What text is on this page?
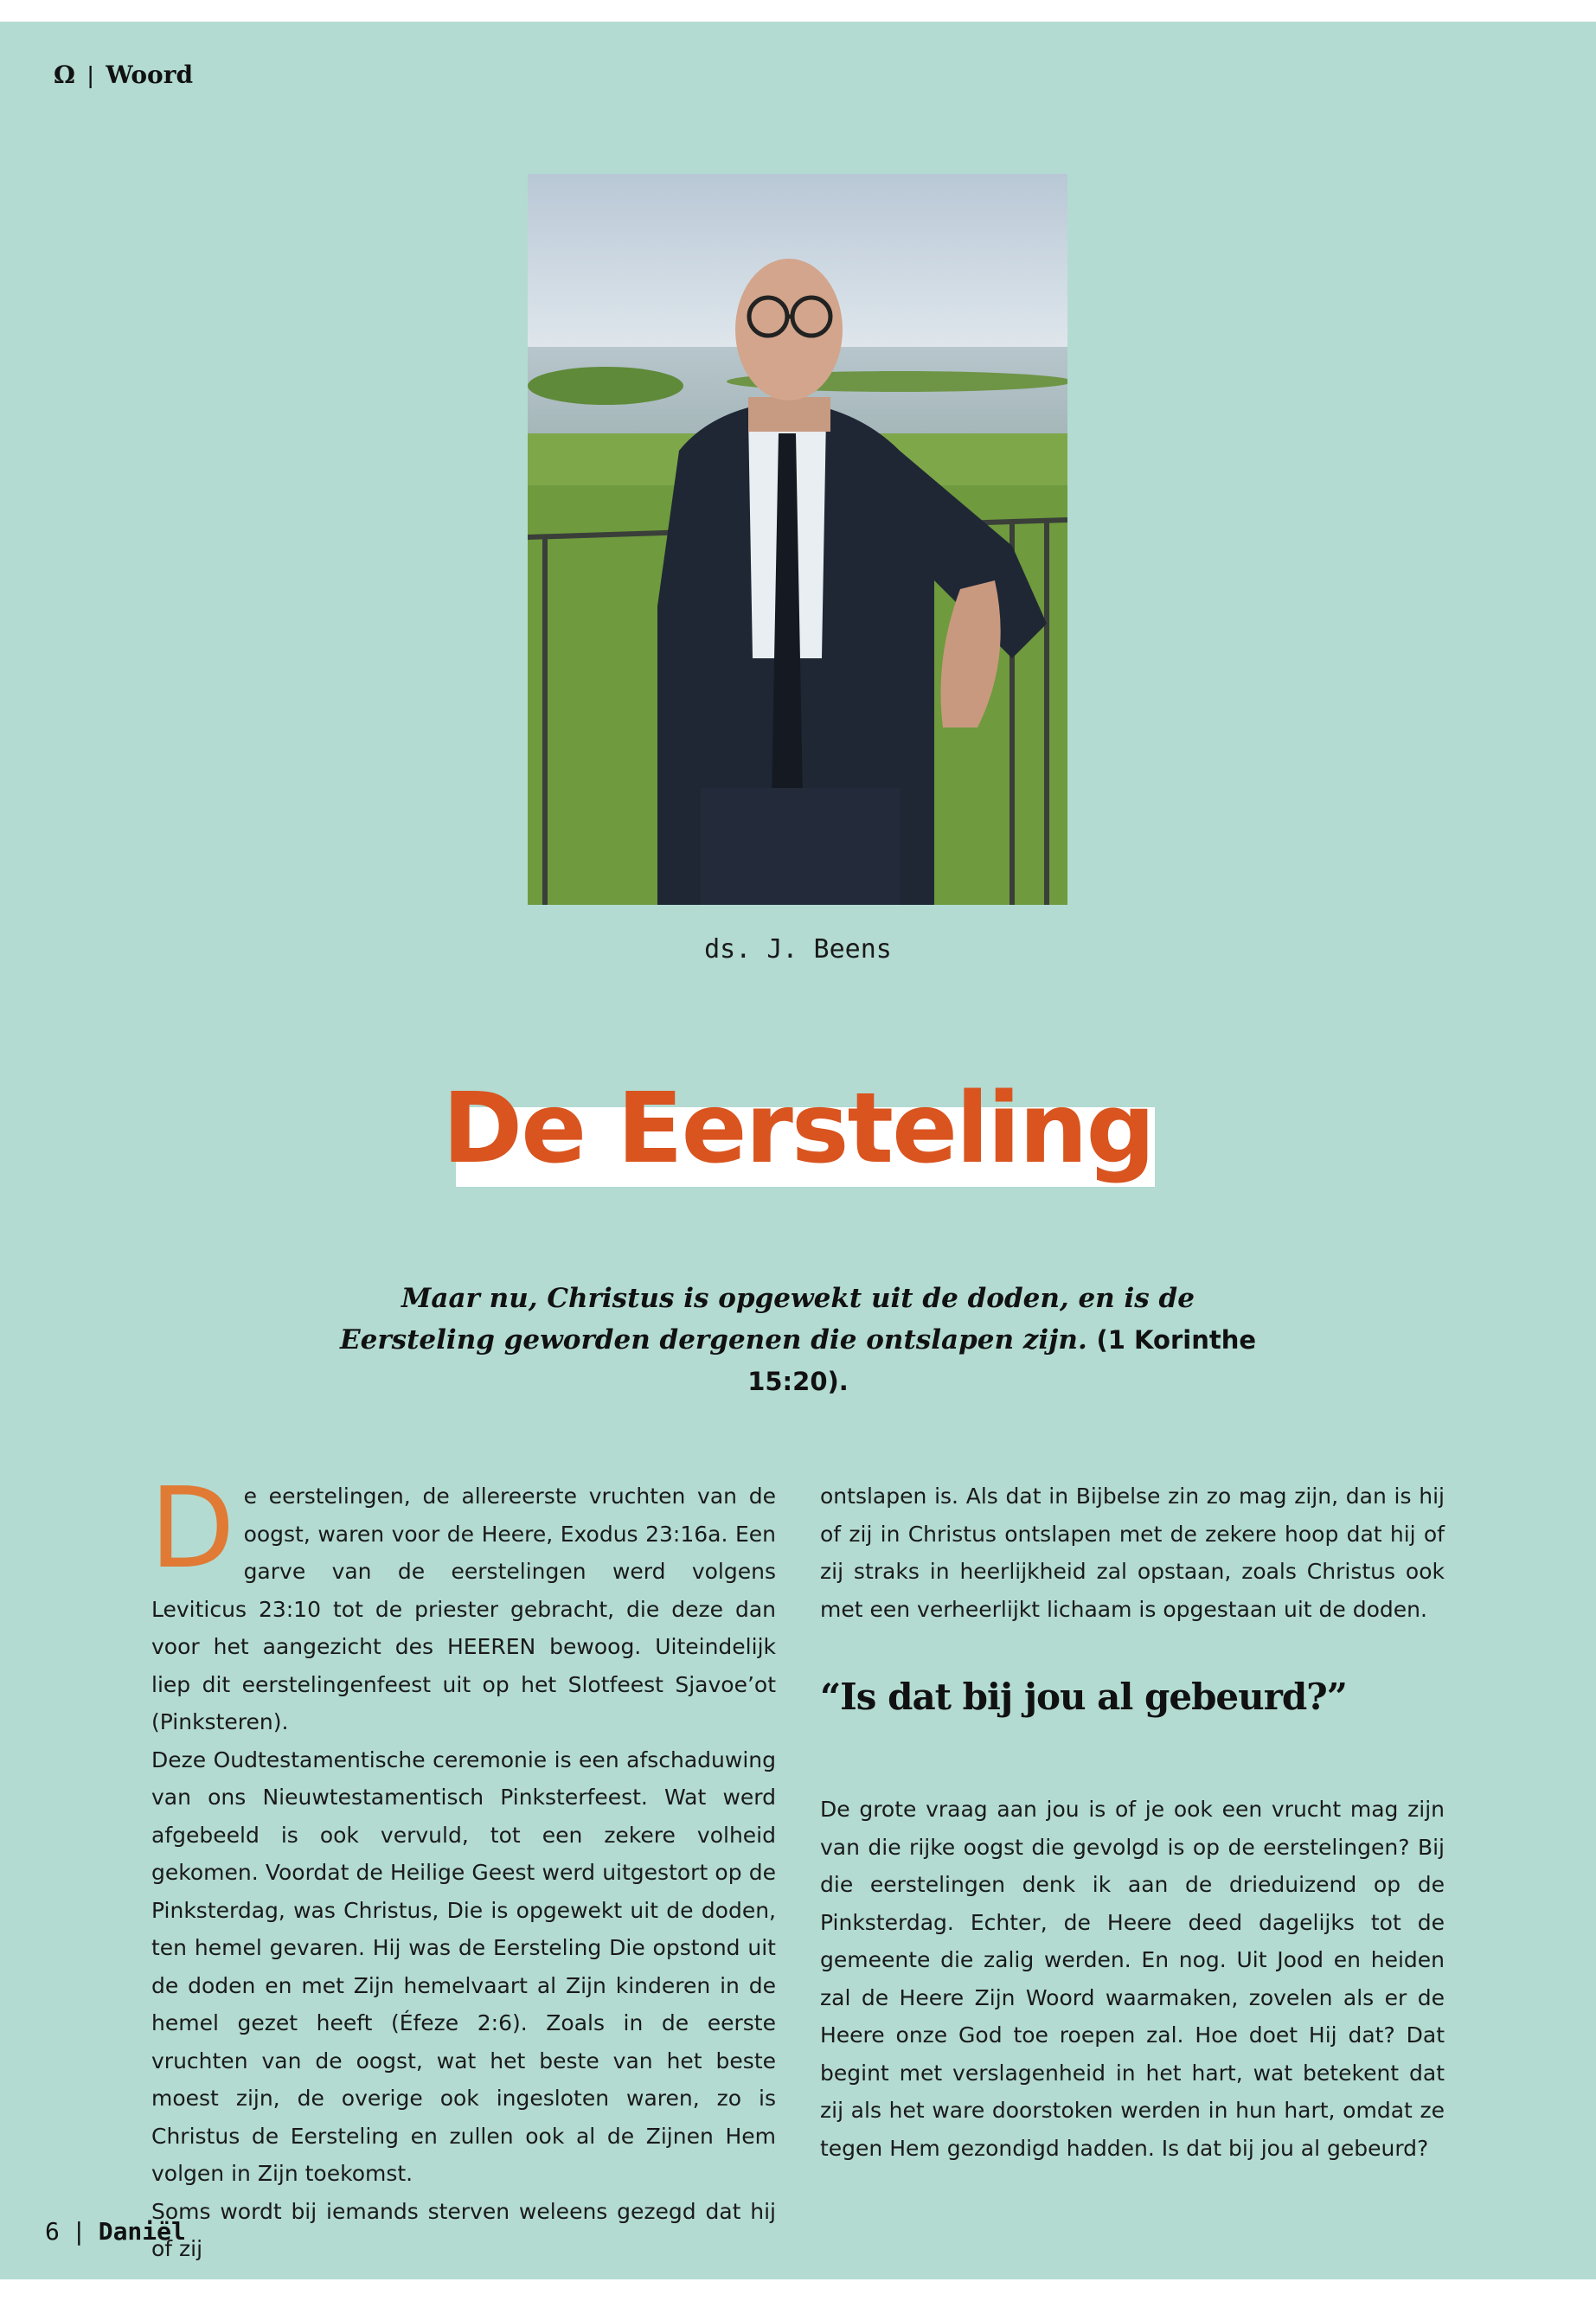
Ω | Woord
ds. J. Beens
De Eersteling
Maar nu, Christus is opgewekt uit de doden, en is de Eersteling geworden dergenen die ontslapen zijn. (1 Korinthe 15:20).

De eerstelingen, de allereerste vruchten van de oogst, waren voor de Heere, Exodus 23:16a. Een garve van de eerstelingen werd volgens Leviticus 23:10 tot de priester gebracht, die deze dan voor het aangezicht des HEEREN bewoog. Uiteindelijk liep dit eerstelingenfeest uit op het Slotfeest Sjavoe’ot (Pinksteren).

Deze Oudtestamentische ceremonie is een afschaduwing van ons Nieuwtestamentisch Pinksterfeest. Wat werd afgebeeld is ook vervuld, tot een zekere volheid gekomen. Voordat de Heilige Geest werd uitgestort op de Pinksterdag, was Christus, Die is opgewekt uit de doden, ten hemel gevaren. Hij was de Eersteling Die opstond uit de doden en met Zijn hemelvaart al Zijn kinderen in de hemel gezet heeft (Éfeze 2:6). Zoals in de eerste vruchten van de oogst, wat het beste van het beste moest zijn, de overige ook ingesloten waren, zo is Christus de Eersteling en zullen ook al de Zijnen Hem volgen in Zijn toekomst.

Soms wordt bij iemands sterven weleens gezegd dat hij of zij

ontslapen is. Als dat in Bijbelse zin zo mag zijn, dan is hij of zij in Christus ontslapen met de zekere hoop dat hij of zij straks in heerlijkheid zal opstaan, zoals Christus ook met een verheerlijkt lichaam is opgestaan uit de doden.

“Is dat bij jou al gebeurd?”

De grote vraag aan jou is of je ook een vrucht mag zijn van die rijke oogst die gevolgd is op de eerstelingen? Bij die eerstelingen denk ik aan de drieduizend op de Pinksterdag. Echter, de Heere deed dagelijks tot de gemeente die zalig werden. En nog. Uit Jood en heiden zal de Heere Zijn Woord waarmaken, zovelen als er de Heere onze God toe roepen zal. Hoe doet Hij dat? Dat begint met verslagenheid in het hart, wat betekent dat zij als het ware doorstoken werden in hun hart, omdat ze tegen Hem gezondigd hadden. Is dat bij jou al gebeurd?

6 | Daniël
